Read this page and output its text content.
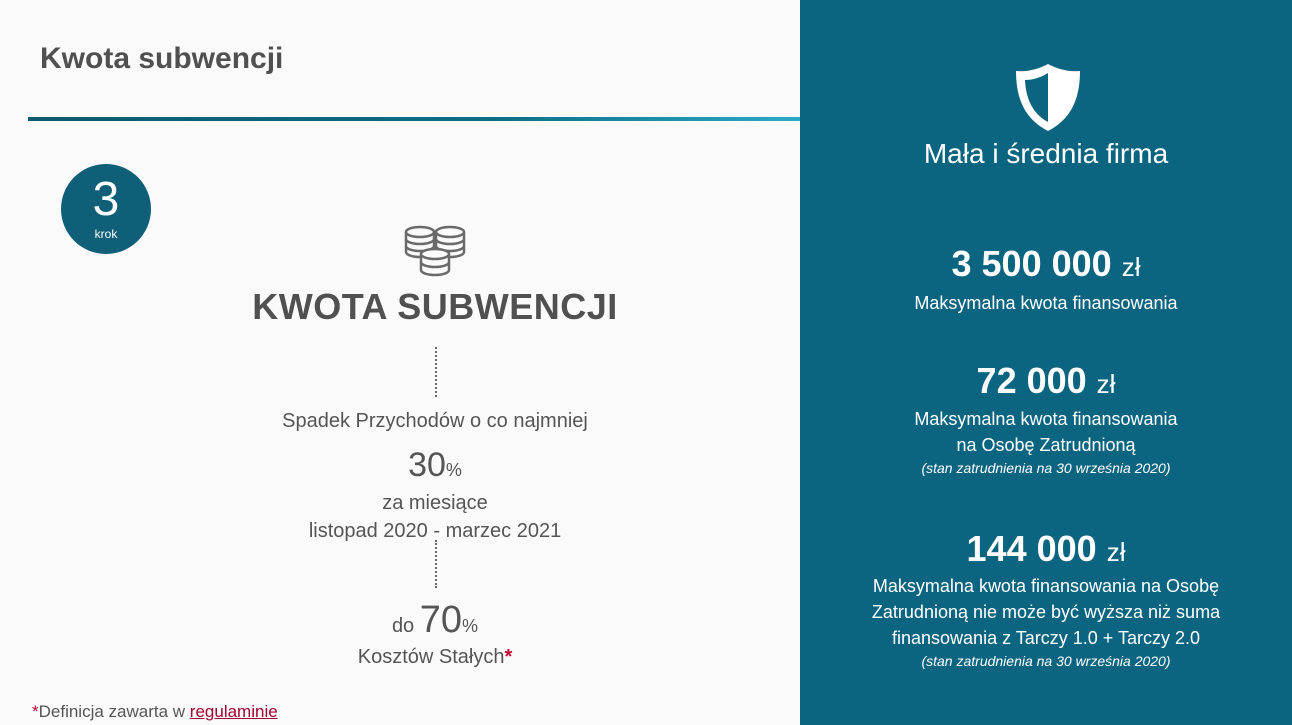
Kwota subwencji
3
krok
KWOTA SUBWENCJI
Spadek Przychodów o co najmniej
30%
za miesiące
listopad 2020 - marzec 2021
do 70%
Kosztów Stałych*
*Definicja zawarta w regulaminie
Mała i średnia firma
3 500 000 zł
Maksymalna kwota finansowania
72 000 zł
Maksymalna kwota finansowania
na Osobę Zatrudnioną
(stan zatrudnienia na 30 września 2020)
144 000 zł
Maksymalna kwota finansowania na Osobę
Zatrudnioną nie może być wyższa niż suma
finansowania z Tarczy 1.0 + Tarczy 2.0
(stan zatrudnienia na 30 września 2020)
